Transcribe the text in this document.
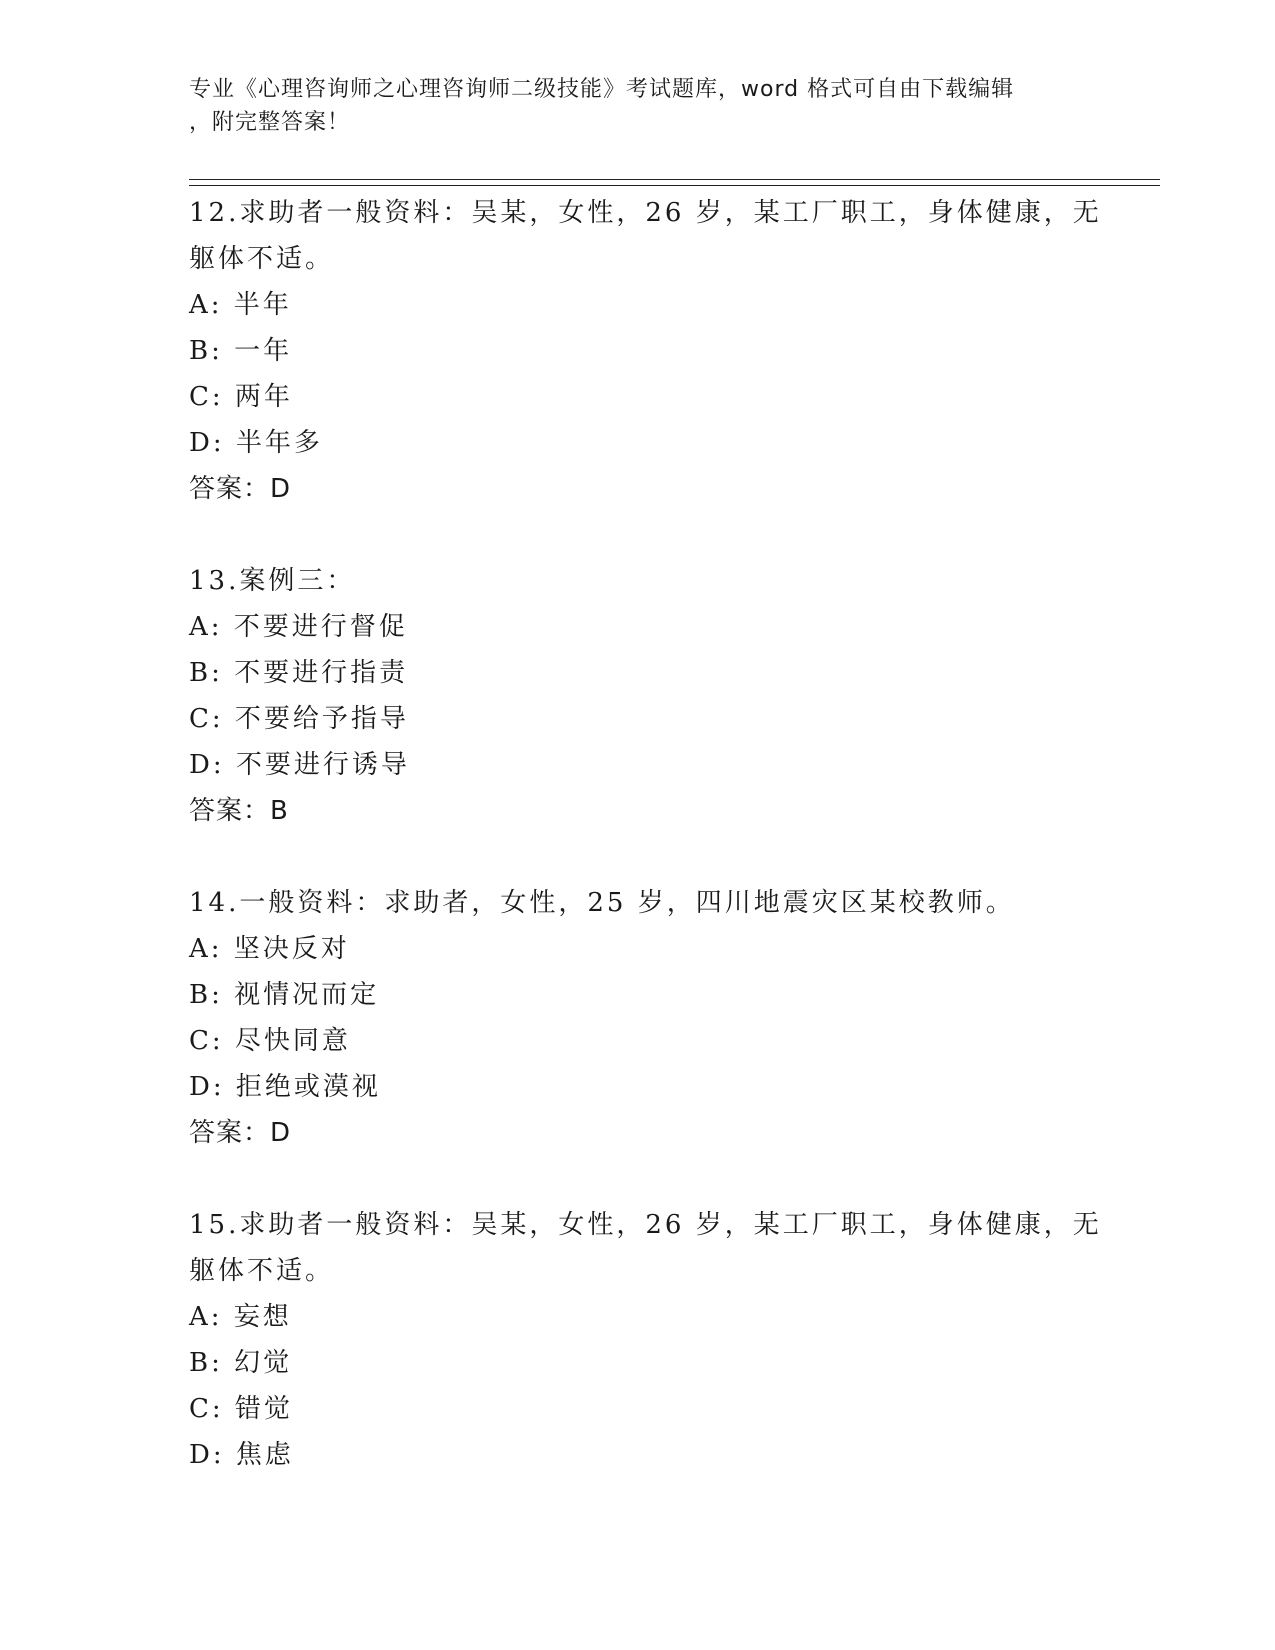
专业《心理咨询师之心理咨询师二级技能》考试题库，word 格式可自由下载编辑
，附完整答案！
12.求助者一般资料：吴某，女性，26 岁，某工厂职工，身体健康，无
躯体不适。
A: 半年
B: 一年
C: 两年
D: 半年多
答案：D
13.案例三：
A: 不要进行督促
B: 不要进行指责
C: 不要给予指导
D: 不要进行诱导
答案：B
14.一般资料：求助者，女性，25 岁，四川地震灾区某校教师。
A: 坚决反对
B: 视情况而定
C: 尽快同意
D: 拒绝或漠视
答案：D
15.求助者一般资料：吴某，女性，26 岁，某工厂职工，身体健康，无
躯体不适。
A: 妄想
B: 幻觉
C: 错觉
D: 焦虑
